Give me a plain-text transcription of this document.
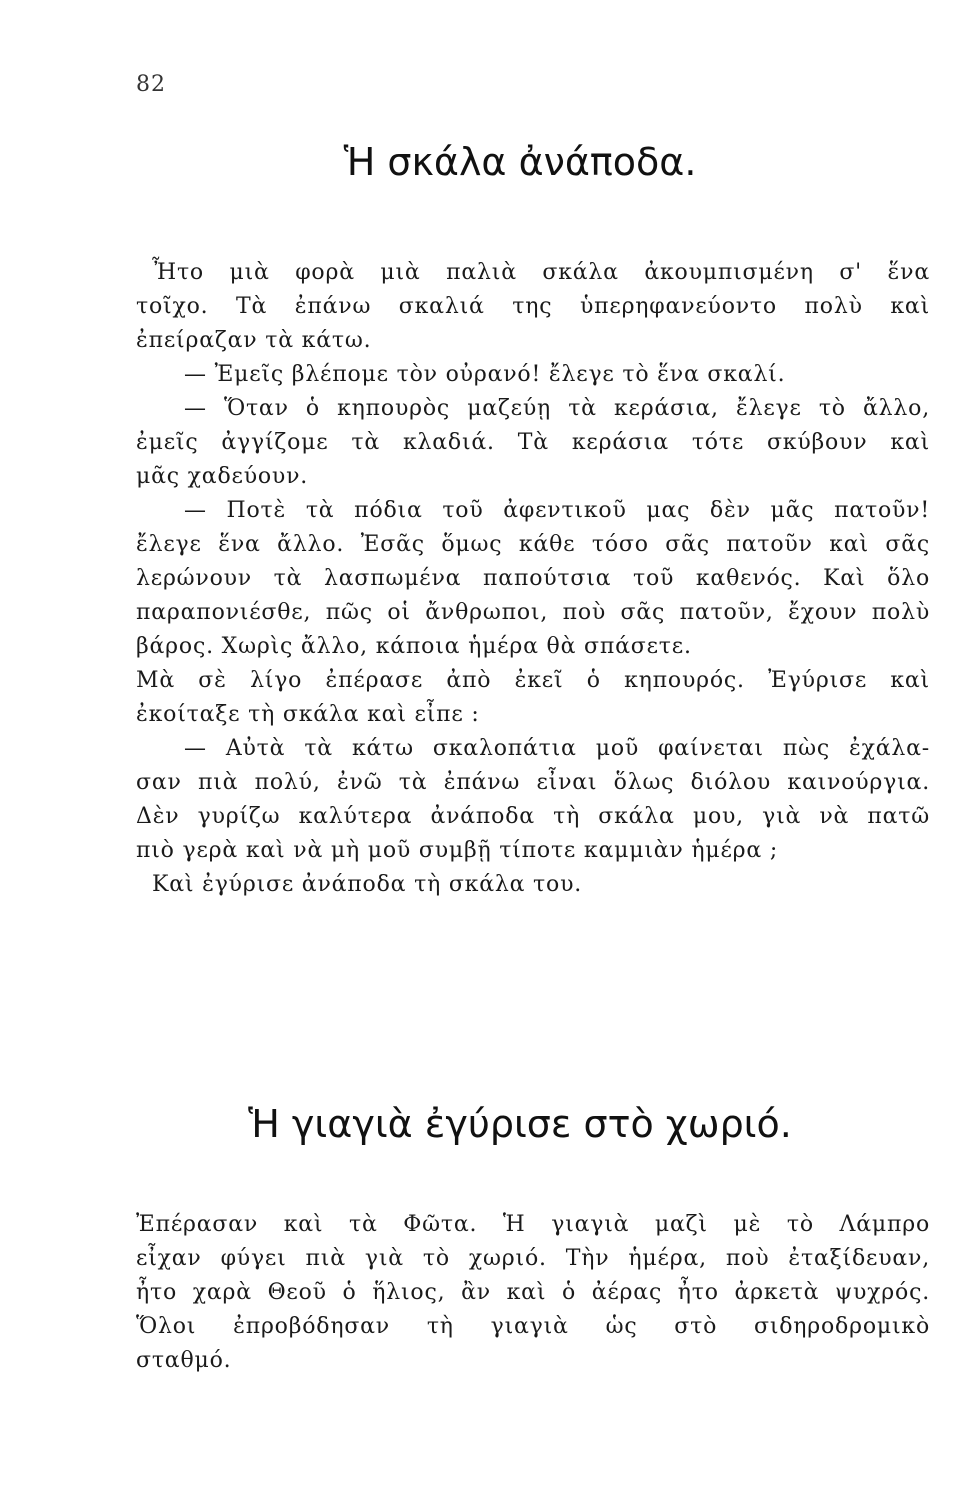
82
Ἡ σκάλα ἀνάποδα.
Ἦτο μιὰ φορὰ μιὰ παλιὰ σκάλα ἀκουμπισμένη σ' ἕνα
τοῖχο. Τὰ ἐπάνω σκαλιά της ὑπερηφανεύοντο πολὺ καὶ
ἐπείραζαν τὰ κάτω.
— Ἐμεῖς βλέπομε τὸν οὐρανό! ἔλεγε τὸ ἕνα σκαλί.
— Ὅταν ὁ κηπουρὸς μαζεύῃ τὰ κεράσια, ἔλεγε τὸ ἄλλο,
ἐμεῖς ἀγγίζομε τὰ κλαδιά. Τὰ κεράσια τότε σκύβουν καὶ
μᾶς χαδεύουν.
— Ποτὲ τὰ πόδια τοῦ ἀφεντικοῦ μας δὲν μᾶς πατοῦν!
ἔλεγε ἕνα ἄλλο. Ἐσᾶς ὅμως κάθε τόσο σᾶς πατοῦν καὶ σᾶς
λερώνουν τὰ λασπωμένα παπούτσια τοῦ καθενός. Καὶ ὅλο
παραπονιέσθε, πῶς οἱ ἄνθρωποι, ποὺ σᾶς πατοῦν, ἔχουν πολὺ
βάρος. Χωρὶς ἄλλο, κάποια ἡμέρα θὰ σπάσετε.
Μὰ σὲ λίγο ἐπέρασε ἀπὸ ἐκεῖ ὁ κηπουρός. Ἐγύρισε καὶ
ἐκοίταξε τὴ σκάλα καὶ εἶπε :
— Αὐτὰ τὰ κάτω σκαλοπάτια μοῦ φαίνεται πὼς ἐχάλα-
σαν πιὰ πολύ, ἐνῶ τὰ ἐπάνω εἶναι ὅλως διόλου καινούργια.
Δὲν γυρίζω καλύτερα ἀνάποδα τὴ σκάλα μου, γιὰ νὰ πατῶ
πιὸ γερὰ καὶ νὰ μὴ μοῦ συμβῇ τίποτε καμμιὰν ἡμέρα ;
Καὶ ἐγύρισε ἀνάποδα τὴ σκάλα του.
Ἡ γιαγιὰ ἐγύρισε στὸ χωριό.
Ἐπέρασαν καὶ τὰ Φῶτα. Ἡ γιαγιὰ μαζὶ μὲ τὸ Λάμπρο
εἶχαν φύγει πιὰ γιὰ τὸ χωριό. Τὴν ἡμέρα, ποὺ ἐταξίδευαν,
ἦτο χαρὰ Θεοῦ ὁ ἥλιος, ἂν καὶ ὁ ἀέρας ἦτο ἀρκετὰ ψυχρός.
Ὅλοι ἐπροβόδησαν τὴ γιαγιὰ ὡς στὸ σιδηροδρομικὸ
σταθμό.
